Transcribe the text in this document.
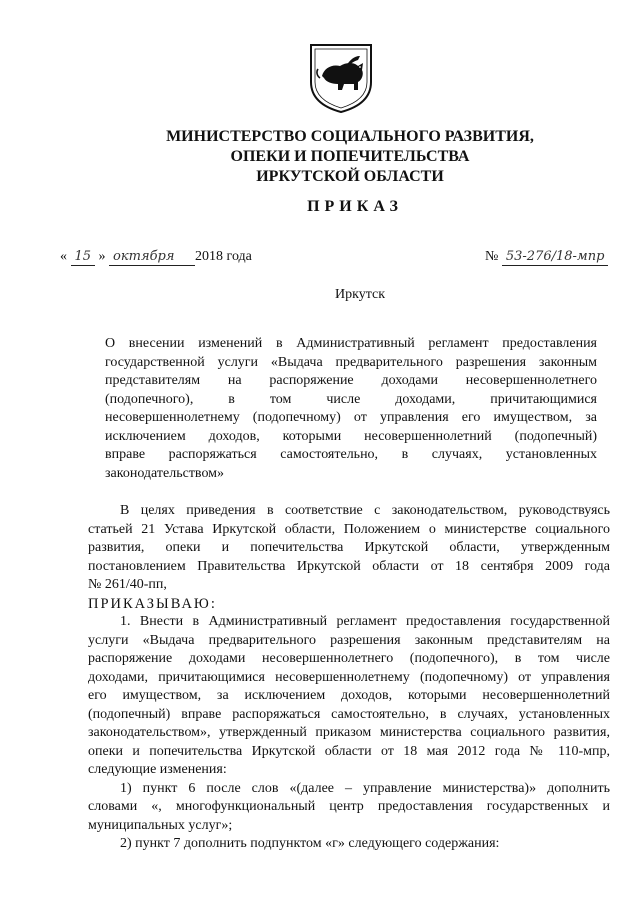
МИНИСТЕРСТВО СОЦИАЛЬНОГО РАЗВИТИЯ,
ОПЕКИ И ПОПЕЧИТЕЛЬСТВА
ИРКУТСКОЙ ОБЛАСТИ
ПРИКАЗ
« 15 » октября 2018 года	№ 53-276/18-мпр
Иркутск
О внесении изменений в Административный регламент предоставления
государственной услуги «Выдача предварительного разрешения законным
представителям на распоряжение доходами несовершеннолетнего
(подопечного), в том числе доходами, причитающимися
несовершеннолетнему (подопечному) от управления его имуществом, за
исключением доходов, которыми несовершеннолетний (подопечный)
вправе распоряжаться самостоятельно, в случаях, установленных
законодательством»
В целях приведения в соответствие с законодательством, руководствуясь
статьей 21 Устава Иркутской области, Положением о министерстве социального
развития, опеки и попечительства Иркутской области, утвержденным
постановлением Правительства Иркутской области от 18 сентября 2009 года
№ 261/40-пп,
ПРИКАЗЫВАЮ:
1. Внести в Административный регламент предоставления государственной
услуги «Выдача предварительного разрешения законным представителям на
распоряжение доходами несовершеннолетнего (подопечного), в том числе
доходами, причитающимися несовершеннолетнему (подопечному) от управления
его имуществом, за исключением доходов, которыми несовершеннолетний
(подопечный) вправе распоряжаться самостоятельно, в случаях, установленных
законодательством», утвержденный приказом министерства социального развития,
опеки и попечительства Иркутской области от 18 мая 2012 года № 110-мпр,
следующие изменения:
1) пункт 6 после слов «(далее – управление министерства)» дополнить
словами «, многофункциональный центр предоставления государственных и
муниципальных услуг»;
2) пункт 7 дополнить подпунктом «г» следующего содержания:
